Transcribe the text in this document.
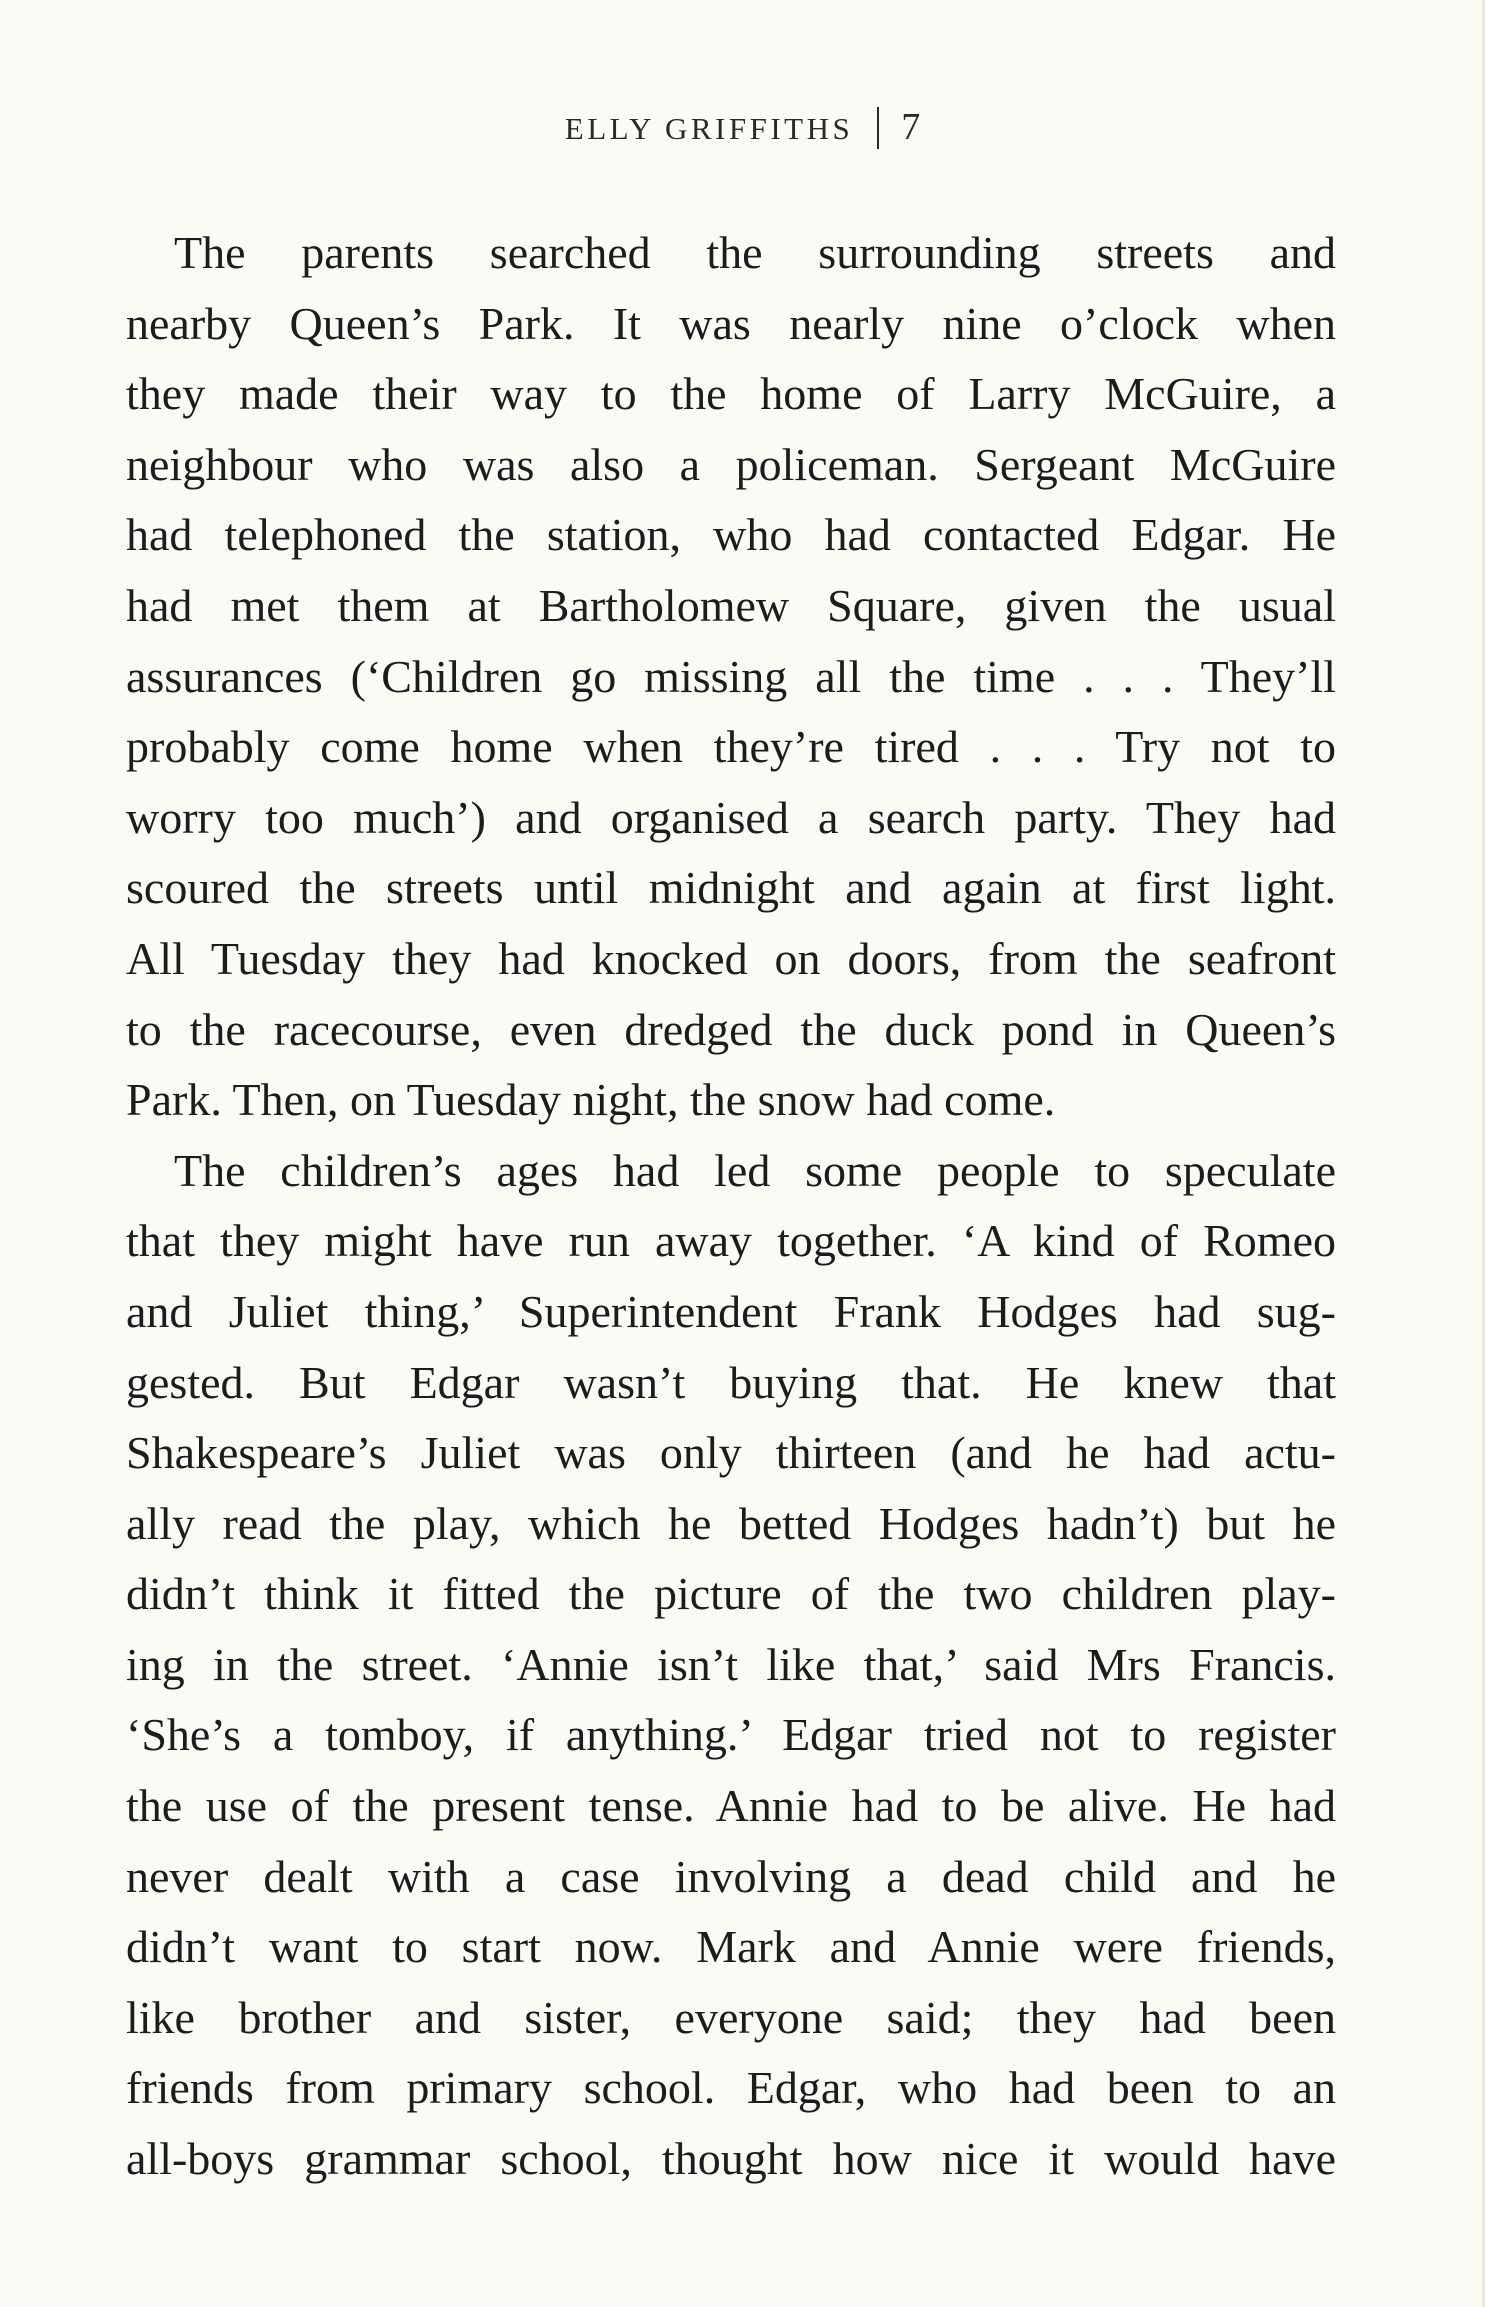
ELLY GRIFFITHS 7
The parents searched the surrounding streets and
nearby Queen’s Park. It was nearly nine o’clock when
they made their way to the home of Larry McGuire, a
neighbour who was also a policeman. Sergeant McGuire
had telephoned the station, who had contacted Edgar. He
had met them at Bartholomew Square, given the usual
assurances (‘Children go missing all the time . . . They’ll
probably come home when they’re tired . . . Try not to
worry too much’) and organised a search party. They had
scoured the streets until midnight and again at first light.
All Tuesday they had knocked on doors, from the seafront
to the racecourse, even dredged the duck pond in Queen’s
Park. Then, on Tuesday night, the snow had come.
The children’s ages had led some people to speculate
that they might have run away together. ‘A kind of Romeo
and Juliet thing,’ Superintendent Frank Hodges had sug-
gested. But Edgar wasn’t buying that. He knew that
Shakespeare’s Juliet was only thirteen (and he had actu-
ally read the play, which he betted Hodges hadn’t) but he
didn’t think it fitted the picture of the two children play-
ing in the street. ‘Annie isn’t like that,’ said Mrs Francis.
‘She’s a tomboy, if anything.’ Edgar tried not to register
the use of the present tense. Annie had to be alive. He had
never dealt with a case involving a dead child and he
didn’t want to start now. Mark and Annie were friends,
like brother and sister, everyone said; they had been
friends from primary school. Edgar, who had been to an
all-boys grammar school, thought how nice it would have
